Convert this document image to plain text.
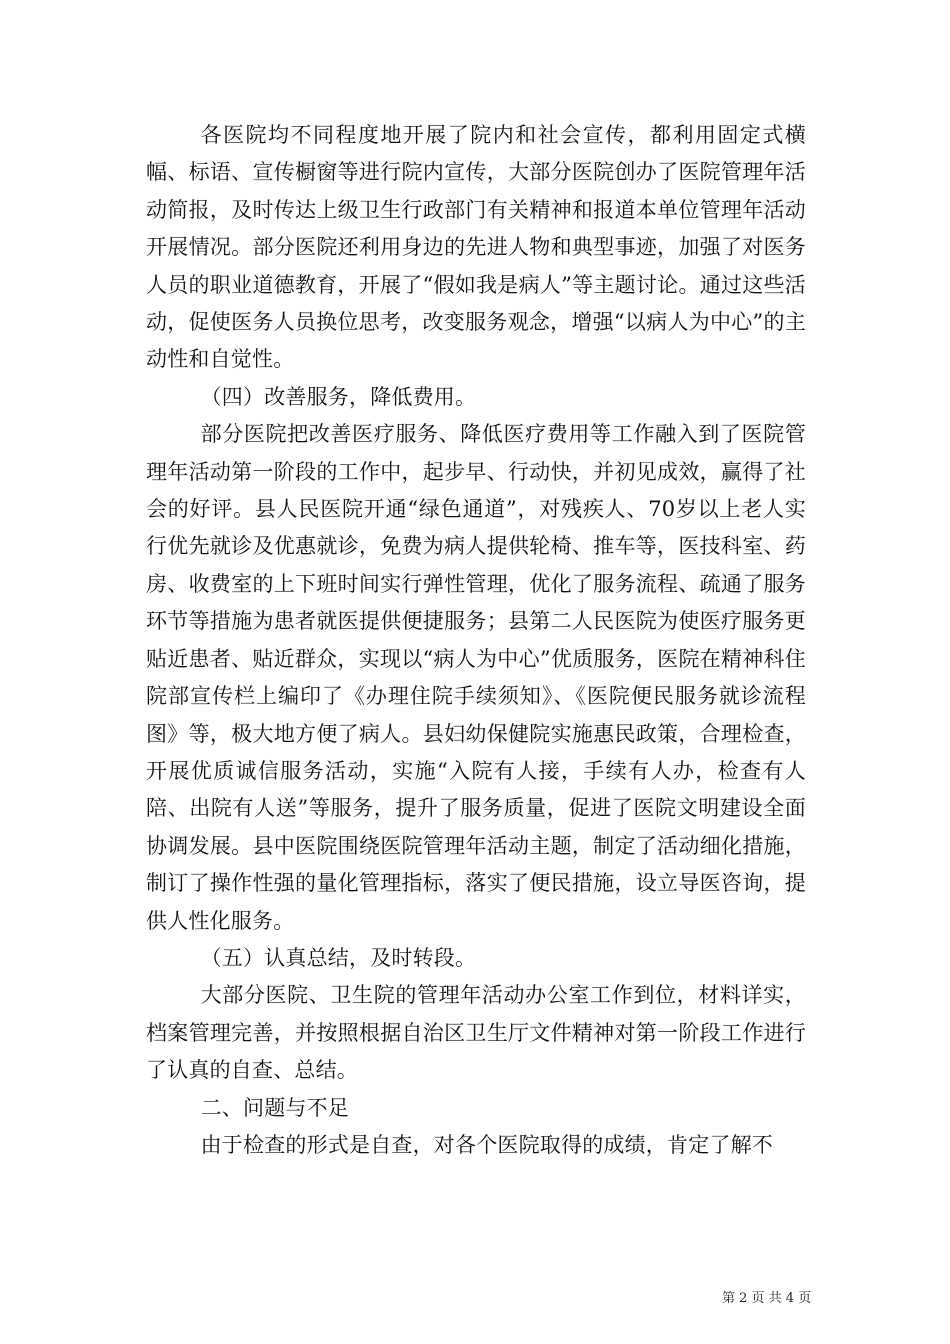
各医院均不同程度地开展了院内和社会宣传，都利用固定式横幅、标语、宣传橱窗等进行院内宣传，大部分医院创办了医院管理年活动简报，及时传达上级卫生行政部门有关精神和报道本单位管理年活动开展情况。部分医院还利用身边的先进人物和典型事迹，加强了对医务人员的职业道德教育，开展了“假如我是病人”等主题讨论。通过这些活动，促使医务人员换位思考，改变服务观念，增强“以病人为中心”的主动性和自觉性。

（四）改善服务，降低费用。

部分医院把改善医疗服务、降低医疗费用等工作融入到了医院管理年活动第一阶段的工作中，起步早、行动快，并初见成效，赢得了社会的好评。县人民医院开通“绿色通道”，对残疾人、70岁以上老人实行优先就诊及优惠就诊，免费为病人提供轮椅、推车等，医技科室、药房、收费室的上下班时间实行弹性管理，优化了服务流程、疏通了服务环节等措施为患者就医提供便捷服务；县第二人民医院为使医疗服务更贴近患者、贴近群众，实现以“病人为中心”优质服务，医院在精神科住院部宣传栏上编印了《办理住院手续须知》、《医院便民服务就诊流程图》等，极大地方便了病人。县妇幼保健院实施惠民政策，合理检查，开展优质诚信服务活动，实施“入院有人接，手续有人办，检查有人陪、出院有人送”等服务，提升了服务质量，促进了医院文明建设全面协调发展。县中医院围绕医院管理年活动主题，制定了活动细化措施，制订了操作性强的量化管理指标，落实了便民措施，设立导医咨询，提供人性化服务。

（五）认真总结，及时转段。

大部分医院、卫生院的管理年活动办公室工作到位，材料详实，档案管理完善，并按照根据自治区卫生厅文件精神对第一阶段工作进行了认真的自查、总结。

二、问题与不足

由于检查的形式是自查，对各个医院取得的成绩，肯定了解不

第 2 页 共 4 页
